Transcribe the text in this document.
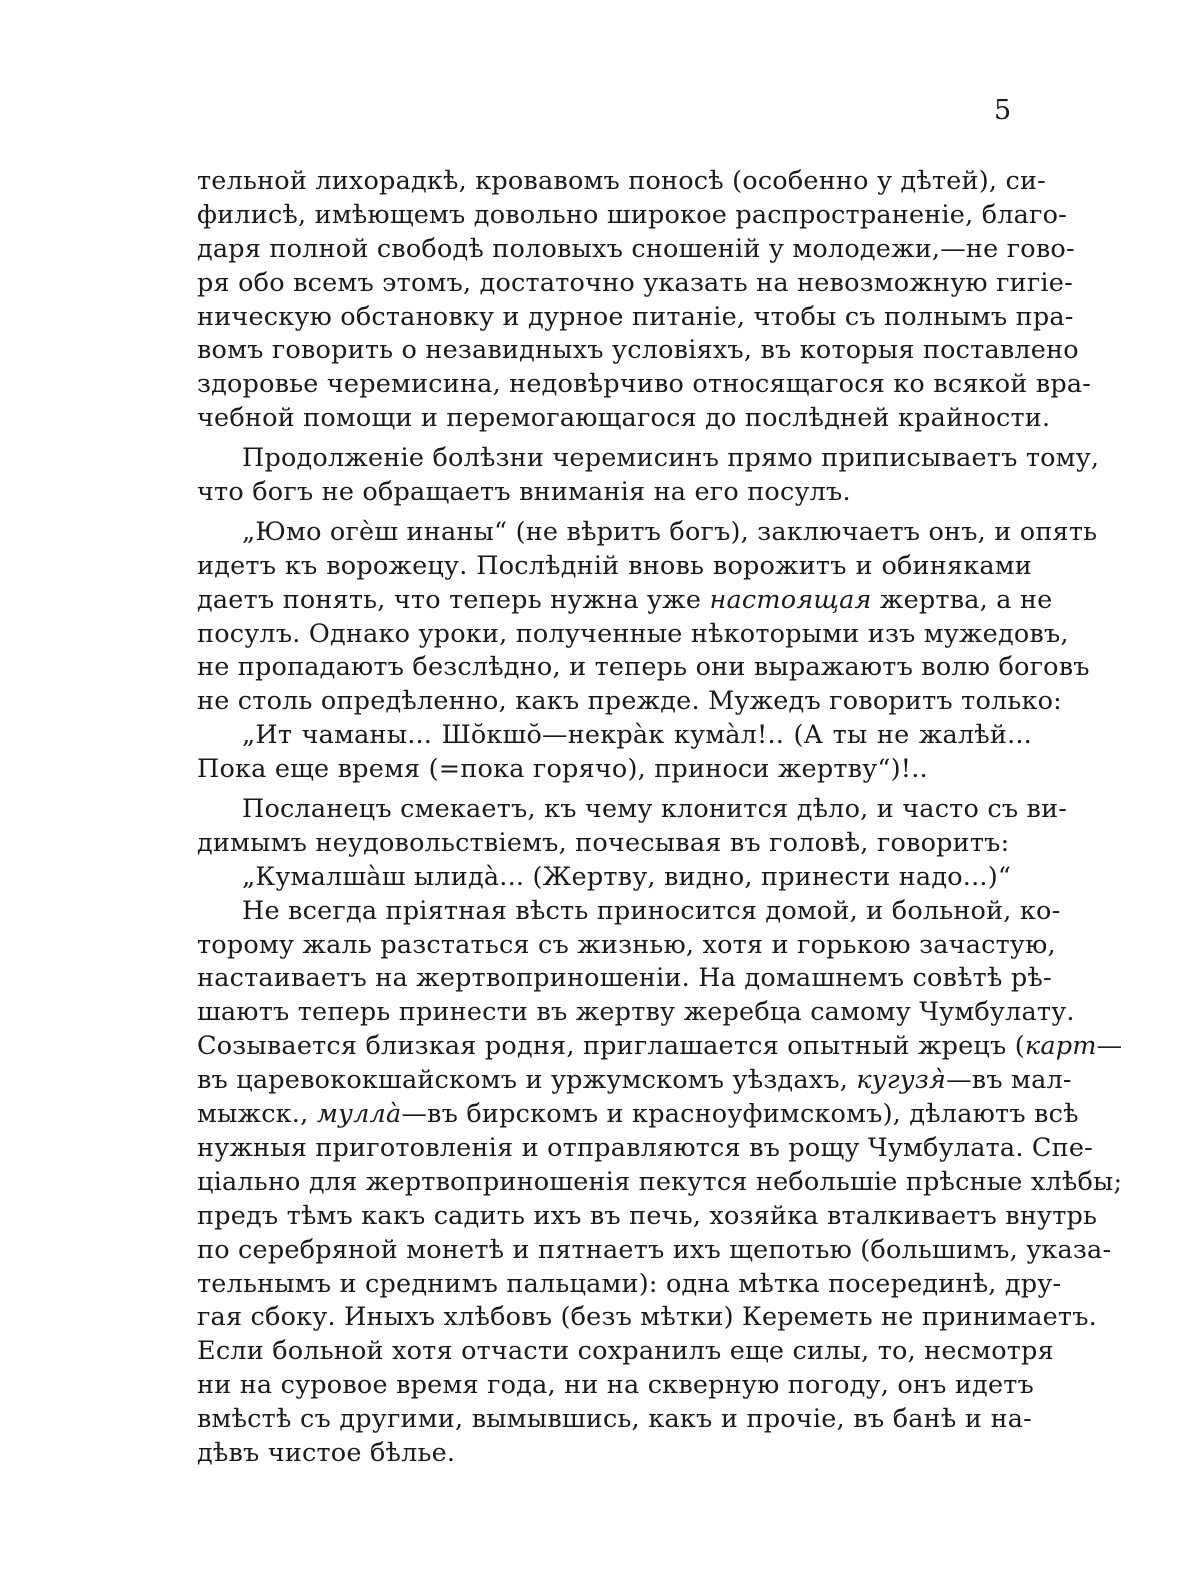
5
тельной лихорадкѣ, кровавомъ поносѣ (особенно у дѣтей), си-
филисѣ, имѣющемъ довольно широкое распространеніе, благо-
даря полной свободѣ половыхъ сношеній у молодежи,—не гово-
ря обо всемъ этомъ, достаточно указать на невозможную гигіе-
ническую обстановку и дурное питаніе, чтобы съ полнымъ пра-
вомъ говорить о незавидныхъ условіяхъ, въ которыя поставлено
здоровье черемисина, недовѣрчиво относящагося ко всякой вра-
чебной помощи и перемогающагося до послѣдней крайности.
Продолженіе болѣзни черемисинъ прямо приписываетъ тому,
что богъ не обращаетъ вниманія на его посулъ.
„Юмо огѐш инаны“ (не вѣритъ богъ), заключаетъ онъ, и опять
идетъ къ ворожецу. Послѣдній вновь ворожитъ и обиняками
даетъ понять, что теперь нужна уже настоящая жертва, а не
посулъ. Однако уроки, полученные нѣкоторыми изъ мужедовъ,
не пропадаютъ безслѣдно, и теперь они выражаютъ волю боговъ
не столь опредѣленно, какъ прежде. Мужедъ говоритъ только:
„Ит чаманы... Шо̆кшо̆—некрàк кумàл!.. (А ты не жалѣй...
Пока еще время (=пока горячо), приноси жертву“)!..
Посланецъ смекаетъ, къ чему клонится дѣло, и часто съ ви-
димымъ неудовольствіемъ, почесывая въ головѣ, говоритъ:
„Кумалшàш ылидà... (Жертву, видно, принести надо...)“
Не всегда пріятная вѣсть приносится домой, и больной, ко-
торому жаль разстаться съ жизнью, хотя и горькою зачастую,
настаиваетъ на жертвоприношеніи. На домашнемъ совѣтѣ рѣ-
шаютъ теперь принести въ жертву жеребца самому Чумбулату.
Созывается близкая родня, приглашается опытный жрецъ (карт—
въ царевококшайскомъ и уржумскомъ уѣздахъ, кугузя̀—въ мал-
мыжск., муллà—въ бирскомъ и красноуфимскомъ), дѣлаютъ всѣ
нужныя приготовленія и отправляются въ рощу Чумбулата. Спе-
ціально для жертвоприношенія пекутся небольшіе прѣсные хлѣбы;
предъ тѣмъ какъ садить ихъ въ печь, хозяйка вталкиваетъ внутрь
по серебряной монетѣ и пятнаетъ ихъ щепотью (большимъ, указа-
тельнымъ и среднимъ пальцами): одна мѣтка посерединѣ, дру-
гая сбоку. Иныхъ хлѣбовъ (безъ мѣтки) Кереметь не принимаетъ.
Если больной хотя отчасти сохранилъ еще силы, то, несмотря
ни на суровое время года, ни на скверную погоду, онъ идетъ
вмѣстѣ съ другими, вымывшись, какъ и прочіе, въ банѣ и на-
дѣвъ чистое бѣлье.
